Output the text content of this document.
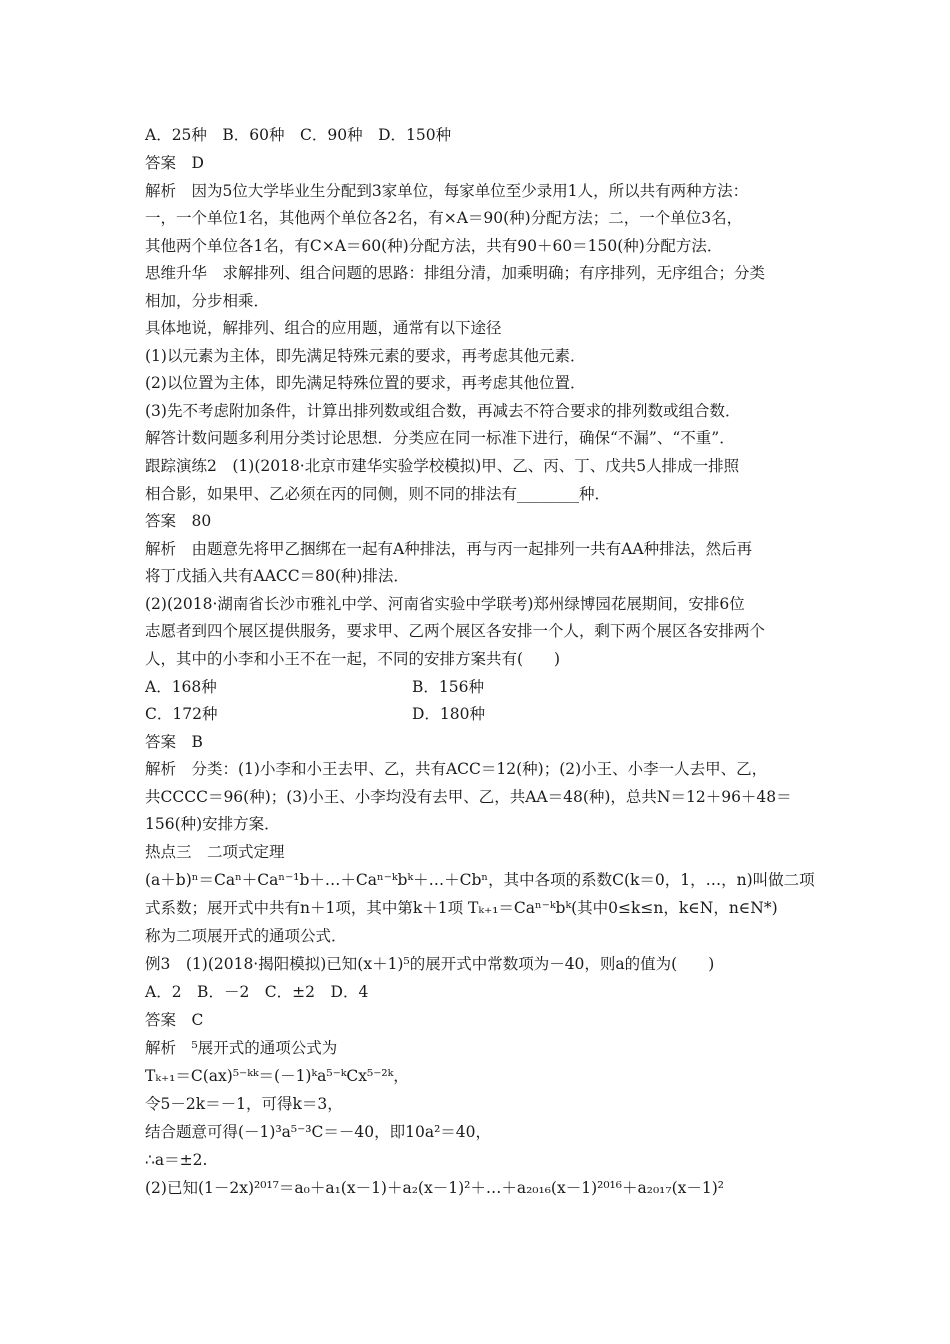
A．25种　B．60种　C．90种　D．150种
答案　D
解析　因为5位大学毕业生分配到3家单位，每家单位至少录用1人，所以共有两种方法：
一，一个单位1名，其他两个单位各2名，有×A＝90(种)分配方法；二，一个单位3名，
其他两个单位各1名，有C×A＝60(种)分配方法，共有90＋60＝150(种)分配方法．
思维升华　求解排列、组合问题的思路：排组分清，加乘明确；有序排列，无序组合；分类
相加，分步相乘．
具体地说，解排列、组合的应用题，通常有以下途径
(1)以元素为主体，即先满足特殊元素的要求，再考虑其他元素．
(2)以位置为主体，即先满足特殊位置的要求，再考虑其他位置．
(3)先不考虑附加条件，计算出排列数或组合数，再减去不符合要求的排列数或组合数．
解答计数问题多利用分类讨论思想．分类应在同一标准下进行，确保“不漏”、“不重”．
跟踪演练2　(1)(2018·北京市建华实验学校模拟)甲、乙、丙、丁、戊共5人排成一排照
相合影，如果甲、乙必须在丙的同侧，则不同的排法有________种．
答案　80
解析　由题意先将甲乙捆绑在一起有A种排法，再与丙一起排列一共有AA种排法，然后再
将丁戊插入共有AACC＝80(种)排法．
(2)(2018·湖南省长沙市雅礼中学、河南省实验中学联考)郑州绿博园花展期间，安排6位
志愿者到四个展区提供服务，要求甲、乙两个展区各安排一个人，剩下两个展区各安排两个
人，其中的小李和小王不在一起，不同的安排方案共有(　　)
A．168种	B．156种
C．172种	D．180种
答案　B
解析　分类：(1)小李和小王去甲、乙，共有ACC＝12(种)；(2)小王、小李一人去甲、乙，
共CCCC＝96(种)；(3)小王、小李均没有去甲、乙，共AA＝48(种)，总共N＝12＋96＋48＝
156(种)安排方案．
热点三　二项式定理
(a＋b)ⁿ＝Caⁿ＋Caⁿ⁻¹b＋…＋Caⁿ⁻ᵏbᵏ＋…＋Cbⁿ，其中各项的系数C(k＝0，1，…，n)叫做二项
式系数；展开式中共有n＋1项，其中第k＋1项 Tₖ₊₁＝Caⁿ⁻ᵏbᵏ(其中0≤k≤n，k∈N，n∈N*)
称为二项展开式的通项公式．
例3　(1)(2018·揭阳模拟)已知(x＋1)⁵的展开式中常数项为－40，则a的值为(　　)
A．2　B．－2　C．±2　D．4
答案　C
解析　⁵展开式的通项公式为
Tₖ₊₁＝C(ax)⁵⁻ᵏᵏ＝(－1)ᵏa⁵⁻ᵏCx⁵⁻²ᵏ，
令5－2k＝－1，可得k＝3，
结合题意可得(－1)³a⁵⁻³C＝－40，即10a²＝40，
∴a＝±2.
(2)已知(1－2x)²⁰¹⁷＝a₀＋a₁(x－1)＋a₂(x－1)²＋…＋a₂₀₁₆(x－1)²⁰¹⁶＋a₂₀₁₇(x－1)²
